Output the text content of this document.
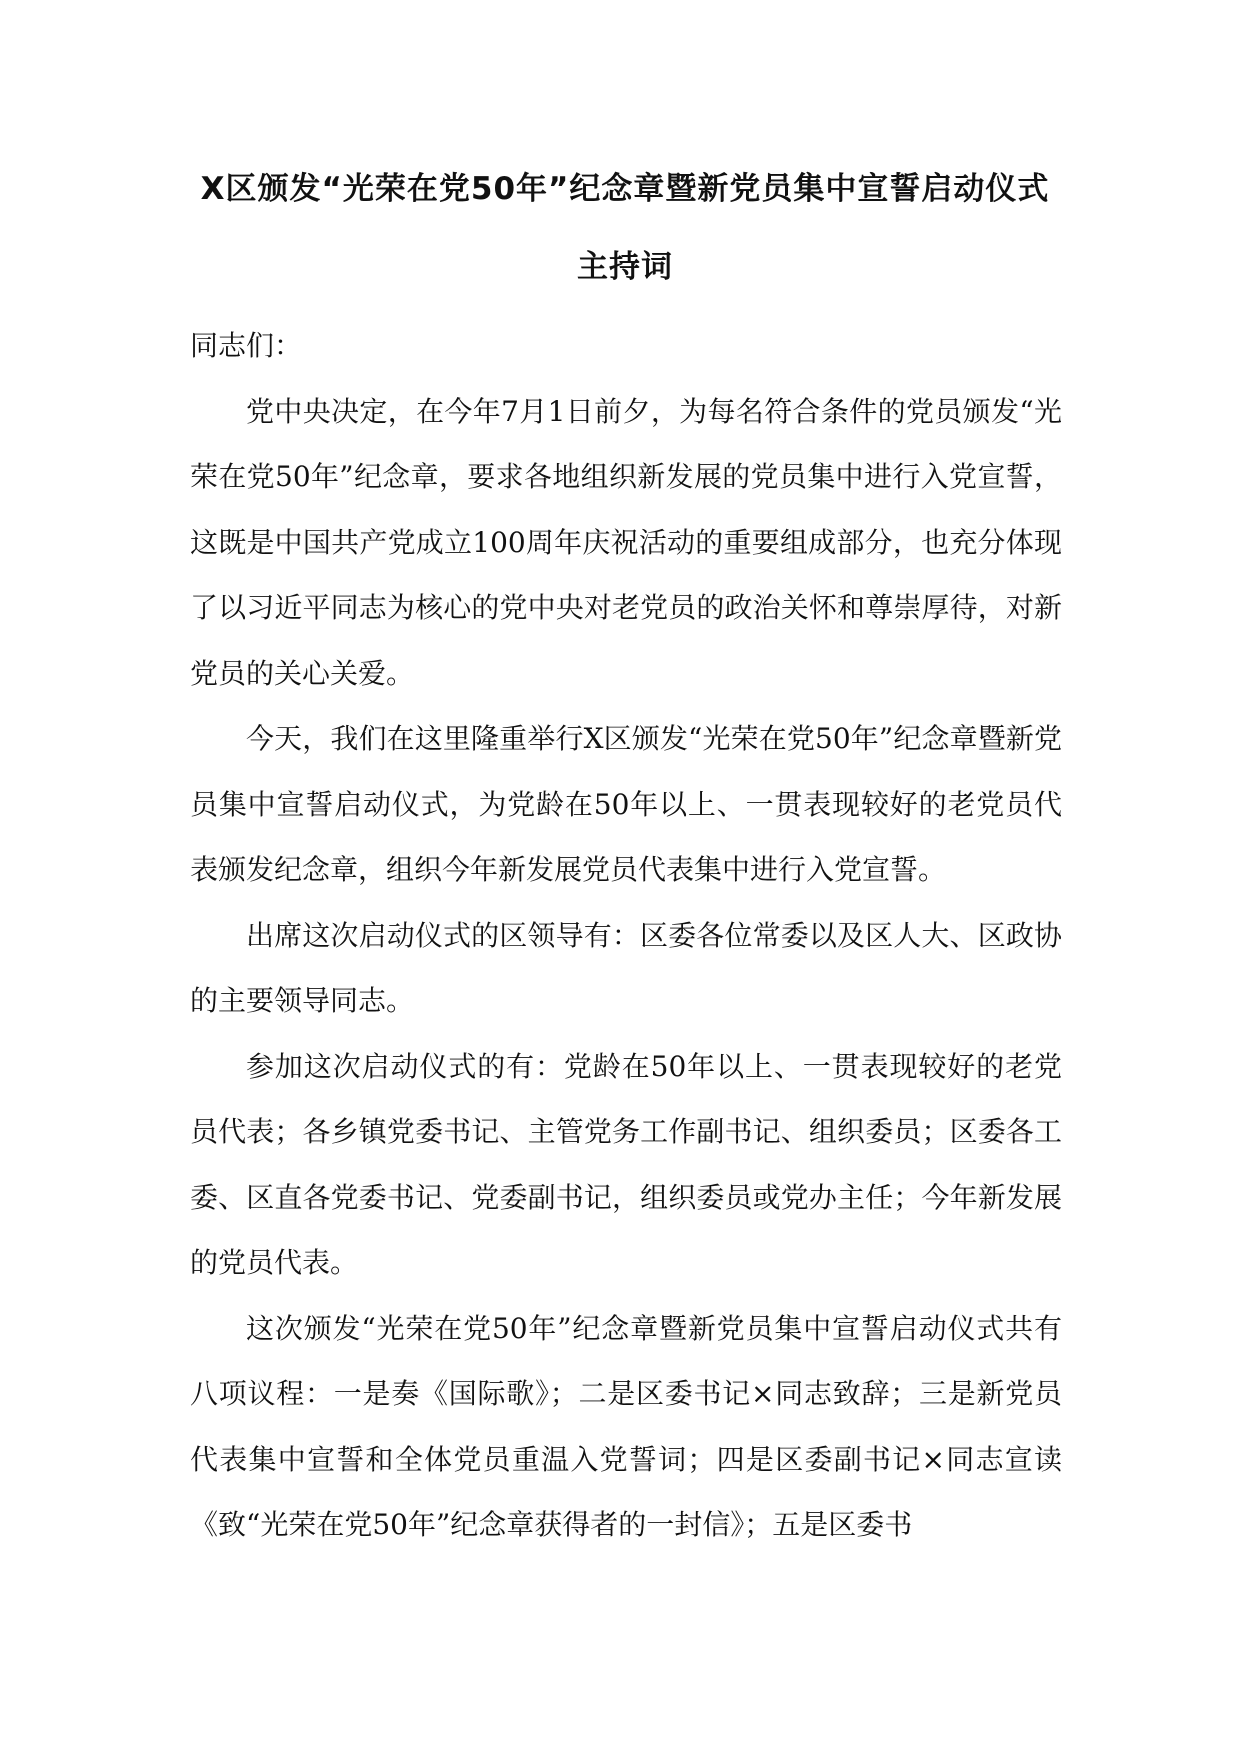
X区颁发“光荣在党50年”纪念章暨新党员集中宣誓启动仪式主持词

同志们：

党中央决定，在今年7月1日前夕，为每名符合条件的党员颁发“光荣在党50年”纪念章，要求各地组织新发展的党员集中进行入党宣誓，这既是中国共产党成立100周年庆祝活动的重要组成部分，也充分体现了以习近平同志为核心的党中央对老党员的政治关怀和尊崇厚待，对新党员的关心关爱。

今天，我们在这里隆重举行X区颁发“光荣在党50年”纪念章暨新党员集中宣誓启动仪式，为党龄在50年以上、一贯表现较好的老党员代表颁发纪念章，组织今年新发展党员代表集中进行入党宣誓。

出席这次启动仪式的区领导有：区委各位常委以及区人大、区政协的主要领导同志。

参加这次启动仪式的有：党龄在50年以上、一贯表现较好的老党员代表；各乡镇党委书记、主管党务工作副书记、组织委员；区委各工委、区直各党委书记、党委副书记，组织委员或党办主任；今年新发展的党员代表。

这次颁发“光荣在党50年”纪念章暨新党员集中宣誓启动仪式共有八项议程：一是奏《国际歌》；二是区委书记×同志致辞；三是新党员代表集中宣誓和全体党员重温入党誓词；四是区委副书记×同志宣读《致“光荣在党50年”纪念章获得者的一封信》；五是区委书
